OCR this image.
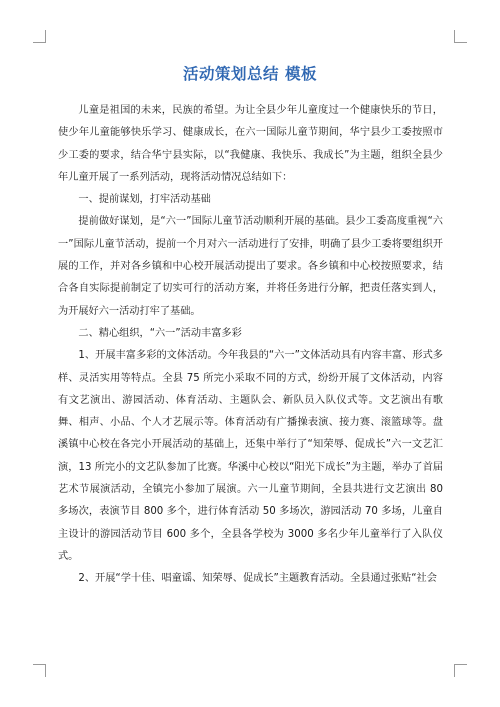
活动策划总结 模板

儿童是祖国的未来，民族的希望。为让全县少年儿童度过一个健康快乐的节日，使少年儿童能够快乐学习、健康成长，在六一国际儿童节期间，华宁县少工委按照市少工委的要求，结合华宁县实际，以“我健康、我快乐、我成长”为主题，组织全县少年儿童开展了一系列活动，现将活动情况总结如下：

一、提前谋划，打牢活动基础

提前做好谋划，是“六一”国际儿童节活动顺利开展的基础。县少工委高度重视“六一”国际儿童节活动，提前一个月对六一活动进行了安排，明确了县少工委将要组织开展的工作，并对各乡镇和中心校开展活动提出了要求。各乡镇和中心校按照要求，结合各自实际提前制定了切实可行的活动方案，并将任务进行分解，把责任落实到人，为开展好六一活动打牢了基础。

二、精心组织，“六一”活动丰富多彩

1、开展丰富多彩的文体活动。今年我县的“六一”文体活动具有内容丰富、形式多样、灵活实用等特点。全县 75 所完小采取不同的方式，纷纷开展了文体活动，内容有文艺演出、游园活动、体育活动、主题队会、新队员入队仪式等。文艺演出有歌舞、相声、小品、个人才艺展示等。体育活动有广播操表演、接力赛、滚篮球等。盘溪镇中心校在各完小开展活动的基础上，还集中举行了“知荣辱、促成长”六一文艺汇演，13 所完小的文艺队参加了比赛。华溪中心校以“阳光下成长”为主题，举办了首届艺术节展演活动，全镇完小参加了展演。六一儿童节期间，全县共进行文艺演出 80 多场次，表演节目 800 多个，进行体育活动 50 多场次，游园活动 70 多场，儿童自主设计的游园活动节目 600 多个，全县各学校为 3000 多名少年儿童举行了入队仪式。

2、开展“学十佳、唱童谣、知荣辱、促成长”主题教育活动。全县通过张贴“社会
